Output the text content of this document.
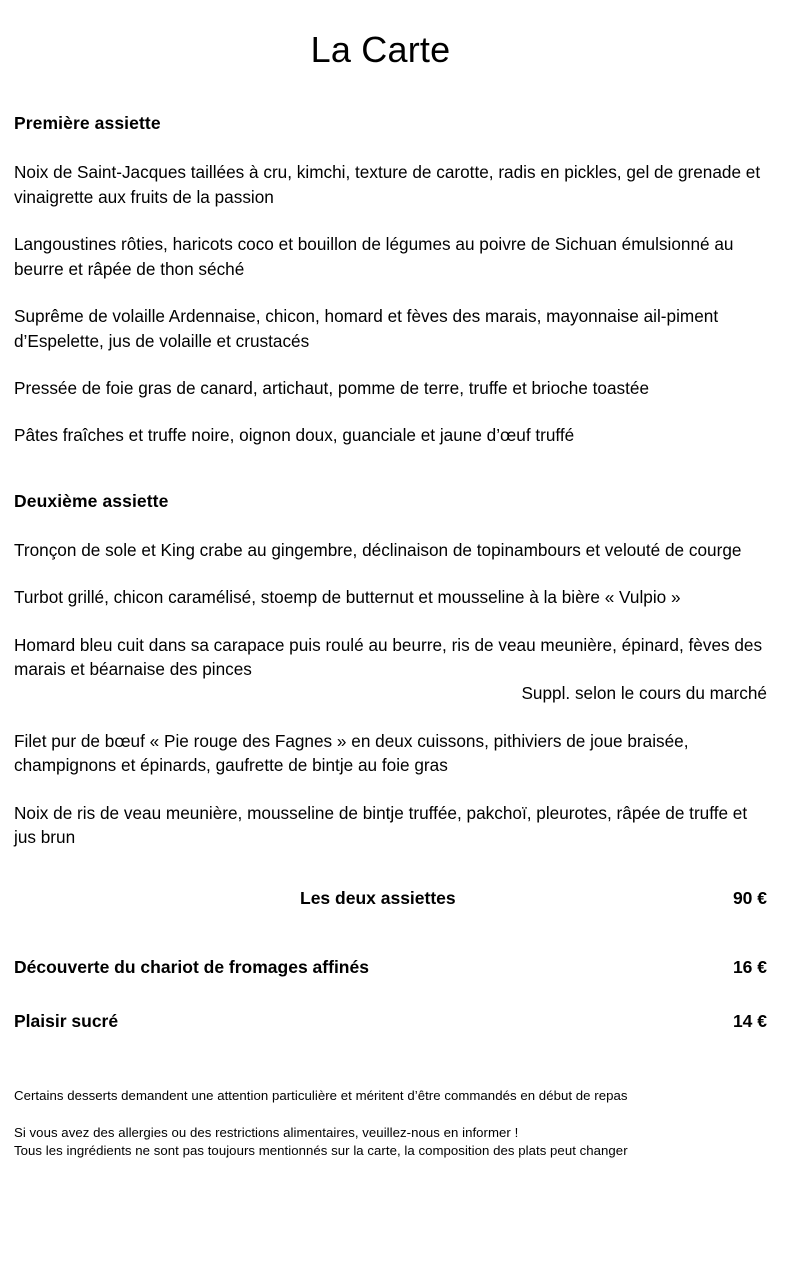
La Carte
Première assiette
Noix de Saint-Jacques taillées à cru, kimchi, texture de carotte, radis en pickles, gel de grenade et vinaigrette aux fruits de la passion
Langoustines rôties, haricots coco et bouillon de légumes au poivre de Sichuan émulsionné au beurre et râpée de thon séché
Suprême de volaille Ardennaise, chicon, homard et fèves des marais, mayonnaise ail-piment d’Espelette, jus de volaille et crustacés
Pressée de foie gras de canard, artichaut, pomme de terre, truffe et brioche toastée
Pâtes fraîches et truffe noire, oignon doux, guanciale et jaune d’œuf truffé
Deuxième assiette
Tronçon de sole et King crabe au gingembre, déclinaison de topinambours et velouté de courge
Turbot grillé, chicon caramélisé, stoemp de butternut et mousseline à la bière « Vulpio »
Homard bleu cuit dans sa carapace puis roulé au beurre, ris de veau meunière, épinard, fèves des marais et béarnaise des pinces
Suppl. selon le cours du marché
Filet pur de bœuf « Pie rouge des Fagnes » en deux cuissons, pithiviers de joue braisée, champignons et épinards, gaufrette de bintje au foie gras
Noix de ris de veau meunière, mousseline de bintje truffée, pakchoï, pleurotes, râpée de truffe et jus brun
Les deux assiettes	90 €
Découverte du chariot de fromages affinés	16 €
Plaisir sucré	14 €

Certains desserts demandent une attention particulière et méritent d’être commandés en début de repas

Si vous avez des allergies ou des restrictions alimentaires, veuillez-nous en informer !
Tous les ingrédients ne sont pas toujours mentionnés sur la carte, la composition des plats peut changer
